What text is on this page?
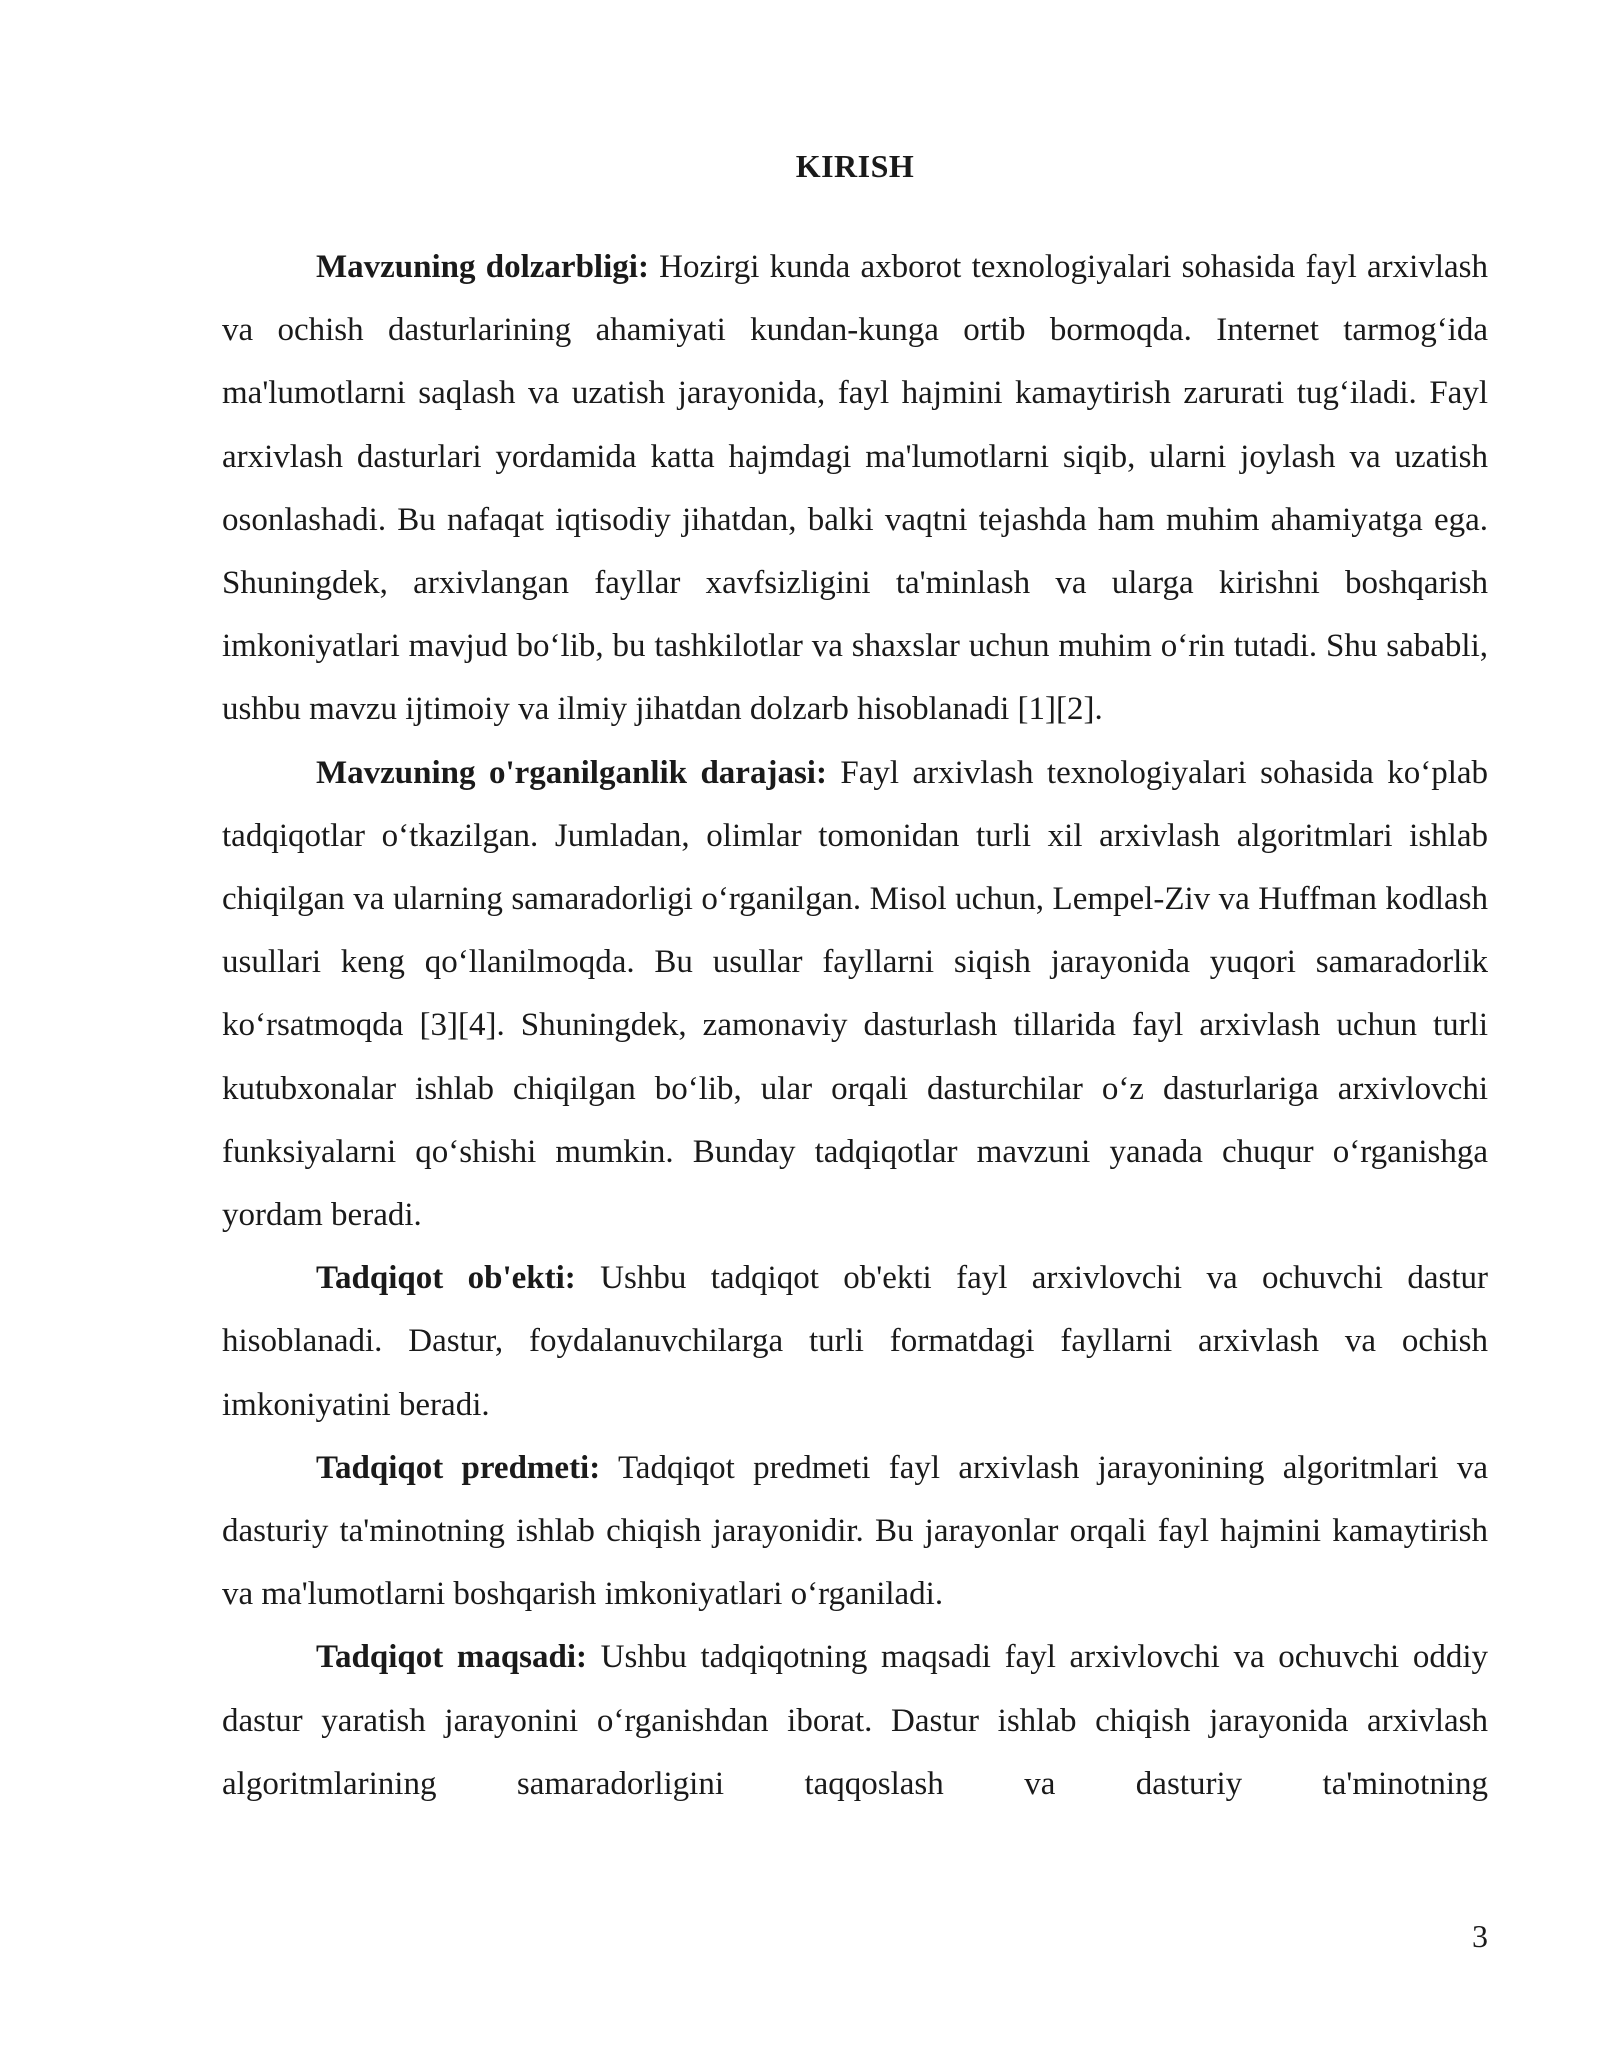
KIRISH

Mavzuning dolzarbligi: Hozirgi kunda axborot texnologiyalari sohasida fayl arxivlash va ochish dasturlarining ahamiyati kundan-kunga ortib bormoqda. Internet tarmog‘ida ma'lumotlarni saqlash va uzatish jarayonida, fayl hajmini kamaytirish zarurati tug‘iladi. Fayl arxivlash dasturlari yordamida katta hajmdagi ma'lumotlarni siqib, ularni joylash va uzatish osonlashadi. Bu nafaqat iqtisodiy jihatdan, balki vaqtni tejashda ham muhim ahamiyatga ega. Shuningdek, arxivlangan fayllar xavfsizligini ta'minlash va ularga kirishni boshqarish imkoniyatlari mavjud bo‘lib, bu tashkilotlar va shaxslar uchun muhim o‘rin tutadi. Shu sababli, ushbu mavzu ijtimoiy va ilmiy jihatdan dolzarb hisoblanadi [1][2].

Mavzuning o'rganilganlik darajasi: Fayl arxivlash texnologiyalari sohasida ko‘plab tadqiqotlar o‘tkazilgan. Jumladan, olimlar tomonidan turli xil arxivlash algoritmlari ishlab chiqilgan va ularning samaradorligi o‘rganilgan. Misol uchun, Lempel-Ziv va Huffman kodlash usullari keng qo‘llanilmoqda. Bu usullar fayllarni siqish jarayonida yuqori samaradorlik ko‘rsatmoqda [3][4]. Shuningdek, zamonaviy dasturlash tillarida fayl arxivlash uchun turli kutubxonalar ishlab chiqilgan bo‘lib, ular orqali dasturchilar o‘z dasturlariga arxivlovchi funksiyalarni qo‘shishi mumkin. Bunday tadqiqotlar mavzuni yanada chuqur o‘rganishga yordam beradi.

Tadqiqot ob'ekti: Ushbu tadqiqot ob'ekti fayl arxivlovchi va ochuvchi dastur hisoblanadi. Dastur, foydalanuvchilarga turli formatdagi fayllarni arxivlash va ochish imkoniyatini beradi.

Tadqiqot predmeti: Tadqiqot predmeti fayl arxivlash jarayonining algoritmlari va dasturiy ta'minotning ishlab chiqish jarayonidir. Bu jarayonlar orqali fayl hajmini kamaytirish va ma'lumotlarni boshqarish imkoniyatlari o‘rganiladi.

Tadqiqot maqsadi: Ushbu tadqiqotning maqsadi fayl arxivlovchi va ochuvchi oddiy dastur yaratish jarayonini o‘rganishdan iborat. Dastur ishlab chiqish jarayonida arxivlash algoritmlarining samaradorligini taqqoslash va dasturiy ta'minotning

3
